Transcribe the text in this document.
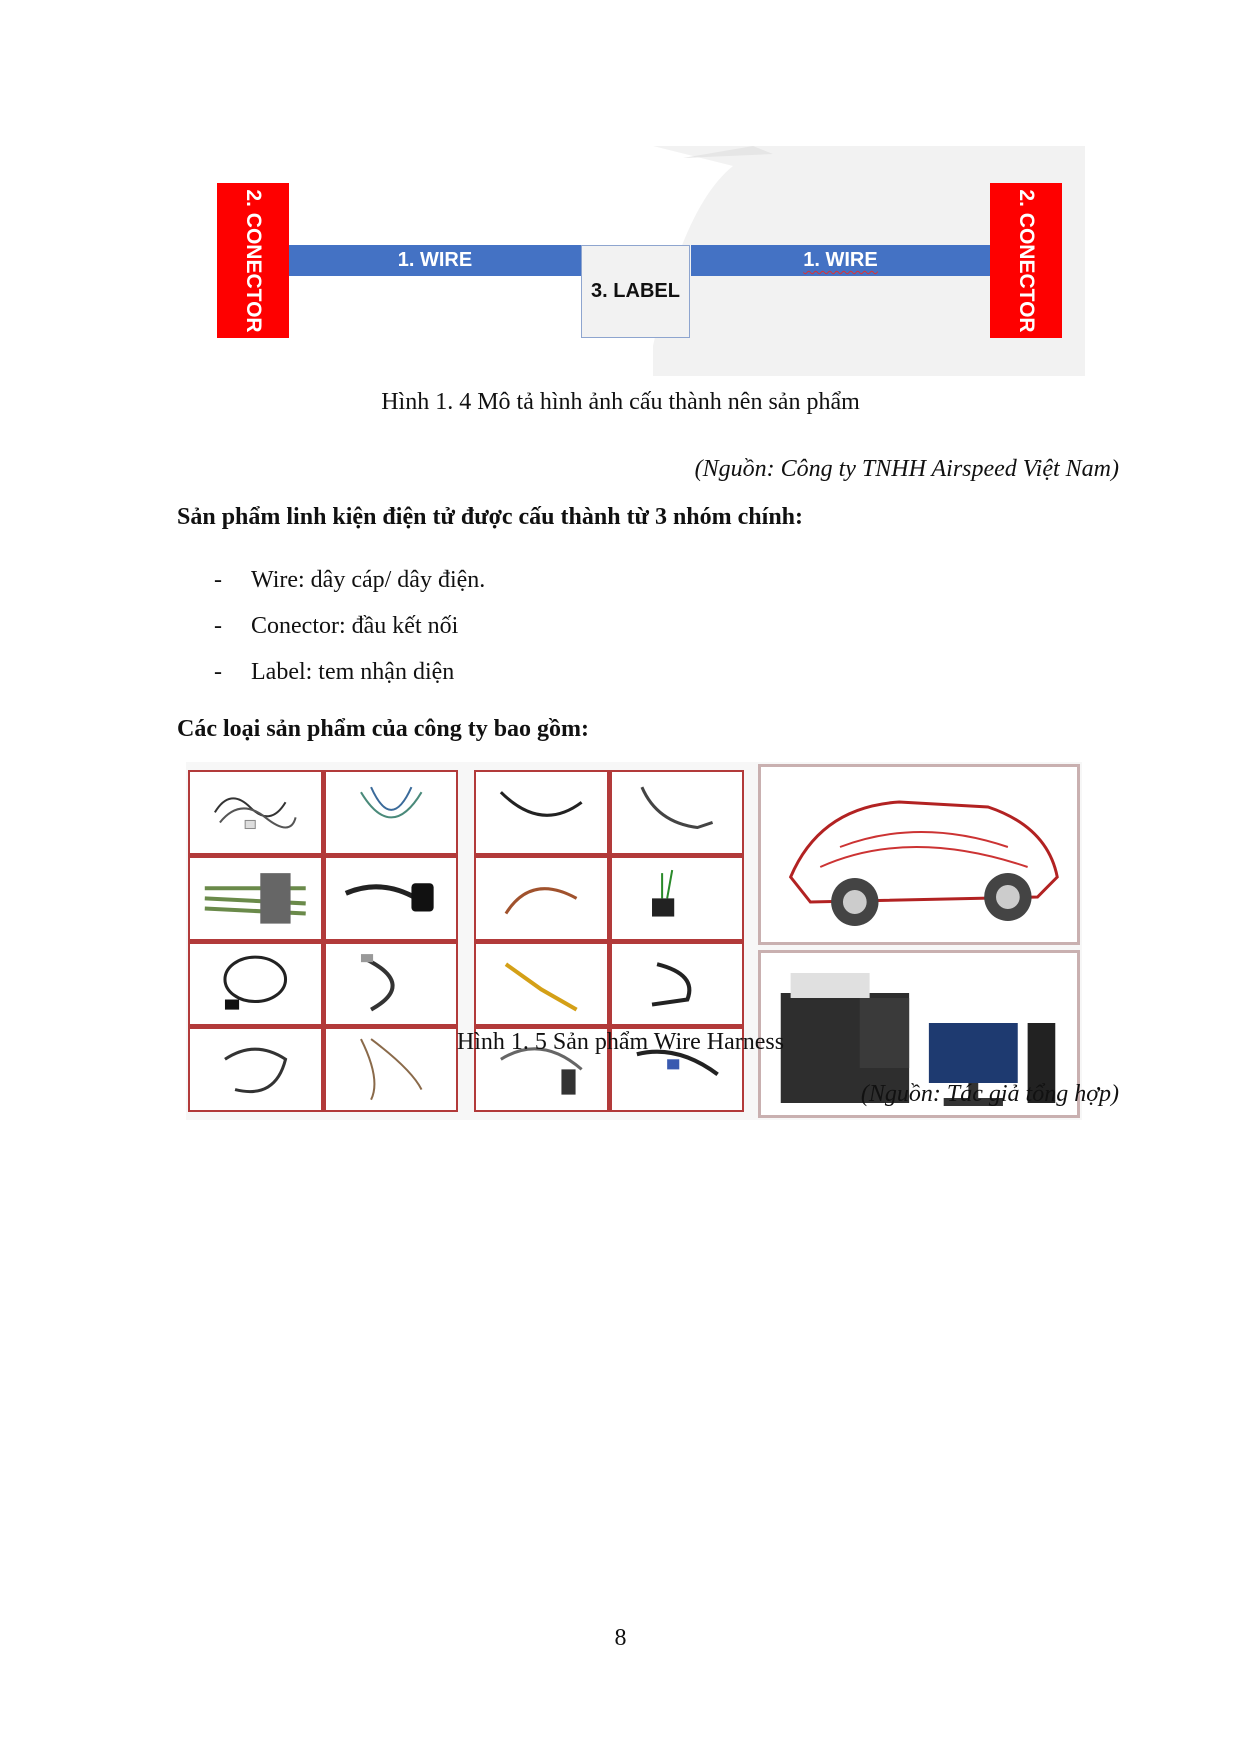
2. CONECTOR	1. WIRE
3. LABEL
1. WIRE	2. CONECTOR
Hình 1. 4 Mô tả hình ảnh cấu thành nên sản phẩm
(Nguồn: Công ty TNHH Airspeed Việt Nam)
Sản phẩm linh kiện điện tử được cấu thành từ 3 nhóm chính:
- Wire: dây cáp/ dây điện.
- Conector: đầu kết nối
- Label: tem nhận diện
Các loại sản phẩm của công ty bao gồm:
Hình 1. 5 Sản phẩm Wire Harness
(Nguồn: Tác giả tổng hợp)
8
